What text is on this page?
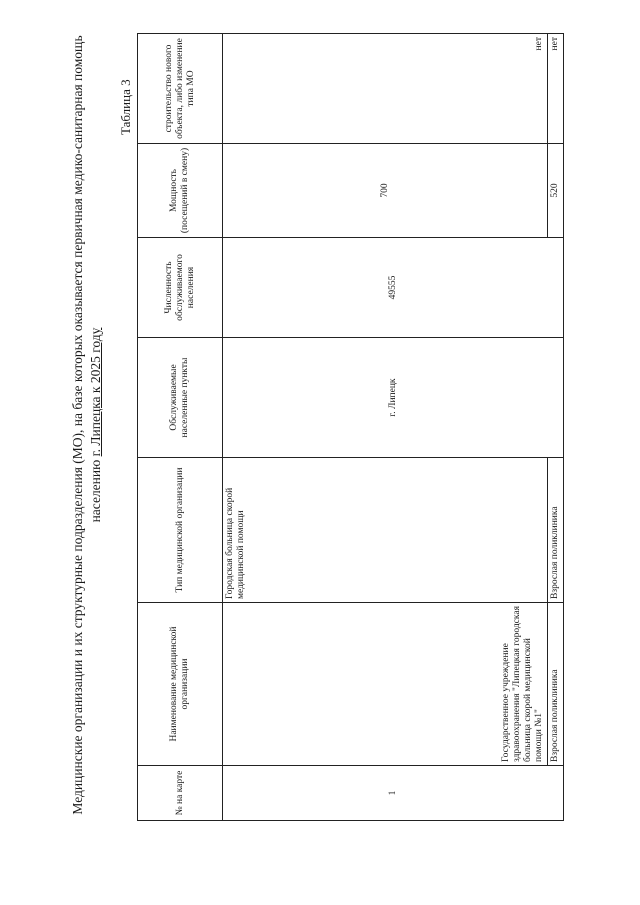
Медицинские организации и их структурные подразделения (МО), на базе которых оказывается первичная медико-санитарная помощь населению г. Липецка к 2025 году
Таблица 3
№ на карте	Наименование медицинской организации	Тип медицинской организации	Обслуживаемые населенные пункты	Численность обслуживаемого населения	Мощность (посещений в смену)	строительство нового объекта, либо изменение типа МО
1	Государственное учреждение здравоохранения "Липецкая городская больница скорой медицинской помощи №1"	Городская больница скорой медицинской помощи	г. Липецк	49555	700	нет
	Взрослая поликлиника	Взрослая поликлиника			520	нет
